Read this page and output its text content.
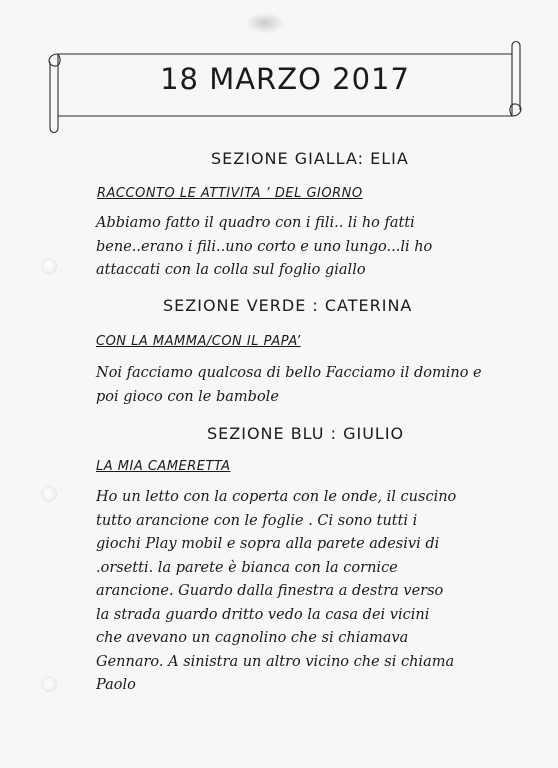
18 MARZO 2017
SEZIONE GIALLA: ELIA
RACCONTO LE ATTIVITA ’ DEL GIORNO
Abbiamo fatto il quadro con i fili.. li ho fatti
bene..erano i fili..uno corto e uno lungo...li ho
attaccati con la colla sul foglio giallo
SEZIONE VERDE : CATERINA
CON LA MAMMA/CON IL PAPA’
Noi facciamo qualcosa di bello Facciamo il domino e
poi gioco con le bambole
SEZIONE BLU : GIULIO
LA MIA CAMERETTA
Ho un letto con la coperta con le onde, il cuscino
tutto arancione con le foglie . Ci sono tutti i
giochi Play mobil e sopra alla parete adesivi di
.orsetti. la parete è bianca con la cornice
arancione. Guardo dalla finestra a destra verso
la strada guardo dritto vedo la casa dei vicini
che avevano un cagnolino che si chiamava
Gennaro. A sinistra un altro vicino che si chiama
Paolo
